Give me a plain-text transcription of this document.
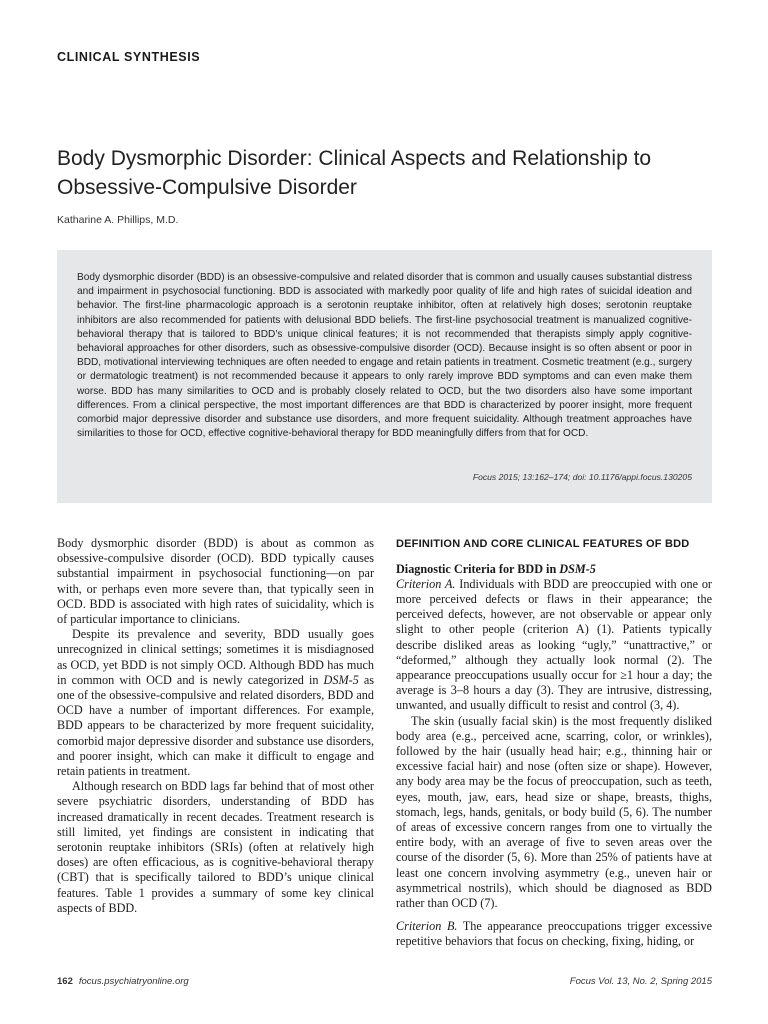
CLINICAL SYNTHESIS
Body Dysmorphic Disorder: Clinical Aspects and Relationship to Obsessive-Compulsive Disorder
Katharine A. Phillips, M.D.

Body dysmorphic disorder (BDD) is an obsessive-compulsive and related disorder that is common and usually causes substantial distress and impairment in psychosocial functioning. BDD is associated with markedly poor quality of life and high rates of suicidal ideation and behavior. The first-line pharmacologic approach is a serotonin reuptake inhibitor, often at relatively high doses; serotonin reuptake inhibitors are also recommended for patients with delusional BDD beliefs. The first-line psychosocial treatment is manualized cognitive-behavioral therapy that is tailored to BDD’s unique clinical features; it is not recommended that therapists simply apply cognitive-behavioral approaches for other disorders, such as obsessive-compulsive disorder (OCD). Because insight is so often absent or poor in BDD, motivational interviewing techniques are often needed to engage and retain patients in treatment. Cosmetic treatment (e.g., surgery or dermatologic treatment) is not recommended because it appears to only rarely improve BDD symptoms and can even make them worse. BDD has many similarities to OCD and is probably closely related to OCD, but the two disorders also have some important differences. From a clinical perspective, the most important differences are that BDD is characterized by poorer insight, more frequent comorbid major depressive disorder and substance use disorders, and more frequent suicidality. Although treatment approaches have similarities to those for OCD, effective cognitive-behavioral therapy for BDD meaningfully differs from that for OCD.

Focus 2015; 13:162–174; doi: 10.1176/appi.focus.130205

Body dysmorphic disorder (BDD) is about as common as obsessive-compulsive disorder (OCD). BDD typically causes substantial impairment in psychosocial functioning—on par with, or perhaps even more severe than, that typically seen in OCD. BDD is associated with high rates of suicidality, which is of particular importance to clinicians.

Despite its prevalence and severity, BDD usually goes unrecognized in clinical settings; sometimes it is misdiagnosed as OCD, yet BDD is not simply OCD. Although BDD has much in common with OCD and is newly categorized in DSM-5 as one of the obsessive-compulsive and related disorders, BDD and OCD have a number of important differences. For example, BDD appears to be characterized by more frequent suicidality, comorbid major depressive disorder and substance use disorders, and poorer insight, which can make it difficult to engage and retain patients in treatment.

Although research on BDD lags far behind that of most other severe psychiatric disorders, understanding of BDD has increased dramatically in recent decades. Treatment research is still limited, yet findings are consistent in indicating that serotonin reuptake inhibitors (SRIs) (often at relatively high doses) are often efficacious, as is cognitive-behavioral therapy (CBT) that is specifically tailored to BDD’s unique clinical features. Table 1 provides a summary of some key clinical aspects of BDD.

DEFINITION AND CORE CLINICAL FEATURES OF BDD

Diagnostic Criteria for BDD in DSM-5

Criterion A. Individuals with BDD are preoccupied with one or more perceived defects or flaws in their appearance; the perceived defects, however, are not observable or appear only slight to other people (criterion A) (1). Patients typically describe disliked areas as looking “ugly,” “unattractive,” or “deformed,” although they actually look normal (2). The appearance preoccupations usually occur for ≥1 hour a day; the average is 3–8 hours a day (3). They are intrusive, distressing, unwanted, and usually difficult to resist and control (3, 4).

The skin (usually facial skin) is the most frequently disliked body area (e.g., perceived acne, scarring, color, or wrinkles), followed by the hair (usually head hair; e.g., thinning hair or excessive facial hair) and nose (often size or shape). However, any body area may be the focus of preoccupation, such as teeth, eyes, mouth, jaw, ears, head size or shape, breasts, thighs, stomach, legs, hands, genitals, or body build (5, 6). The number of areas of excessive concern ranges from one to virtually the entire body, with an average of five to seven areas over the course of the disorder (5, 6). More than 25% of patients have at least one concern involving asymmetry (e.g., uneven hair or asymmetrical nostrils), which should be diagnosed as BDD rather than OCD (7).

Criterion B. The appearance preoccupations trigger excessive repetitive behaviors that focus on checking, fixing, hiding, or

162 focus.psychiatryonline.org	Focus Vol. 13, No. 2, Spring 2015
